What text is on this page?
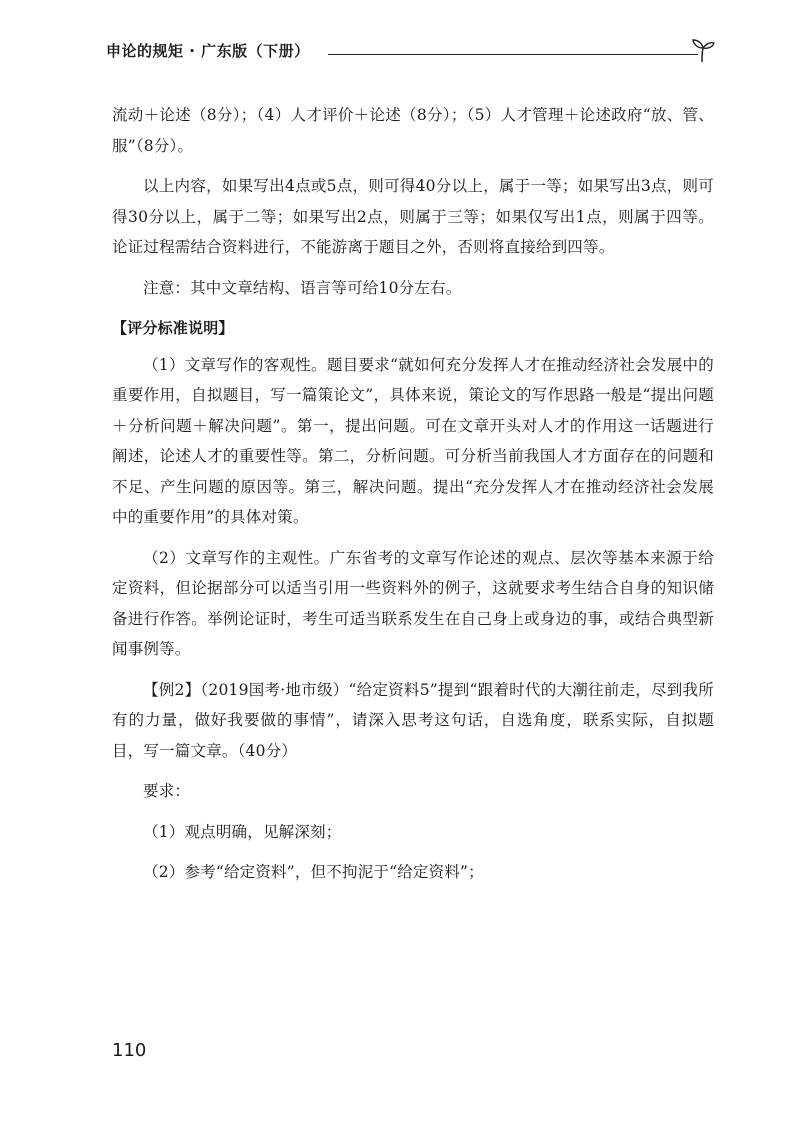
申论的规矩 · 广东版（下册）

流动＋论述（8分）；（4）人才评价＋论述（8分）；（5）人才管理＋论述政府“放、管、服”（8分）。

以上内容，如果写出4点或5点，则可得40分以上，属于一等；如果写出3点，则可得30分以上，属于二等；如果写出2点，则属于三等；如果仅写出1点，则属于四等。论证过程需结合资料进行，不能游离于题目之外，否则将直接给到四等。

注意：其中文章结构、语言等可给10分左右。

【评分标准说明】

（1）文章写作的客观性。题目要求“就如何充分发挥人才在推动经济社会发展中的重要作用，自拟题目，写一篇策论文”，具体来说，策论文的写作思路一般是“提出问题＋分析问题＋解决问题”。第一，提出问题。可在文章开头对人才的作用这一话题进行阐述，论述人才的重要性等。第二，分析问题。可分析当前我国人才方面存在的问题和不足、产生问题的原因等。第三，解决问题。提出“充分发挥人才在推动经济社会发展中的重要作用”的具体对策。

（2）文章写作的主观性。广东省考的文章写作论述的观点、层次等基本来源于给定资料，但论据部分可以适当引用一些资料外的例子，这就要求考生结合自身的知识储备进行作答。举例论证时，考生可适当联系发生在自己身上或身边的事，或结合典型新闻事例等。

【例2】（2019国考·地市级）“给定资料5”提到“跟着时代的大潮往前走，尽到我所有的力量，做好我要做的事情”，请深入思考这句话，自选角度，联系实际，自拟题目，写一篇文章。（40分）

要求：

（1）观点明确，见解深刻；

（2）参考“给定资料”，但不拘泥于“给定资料”；

110
